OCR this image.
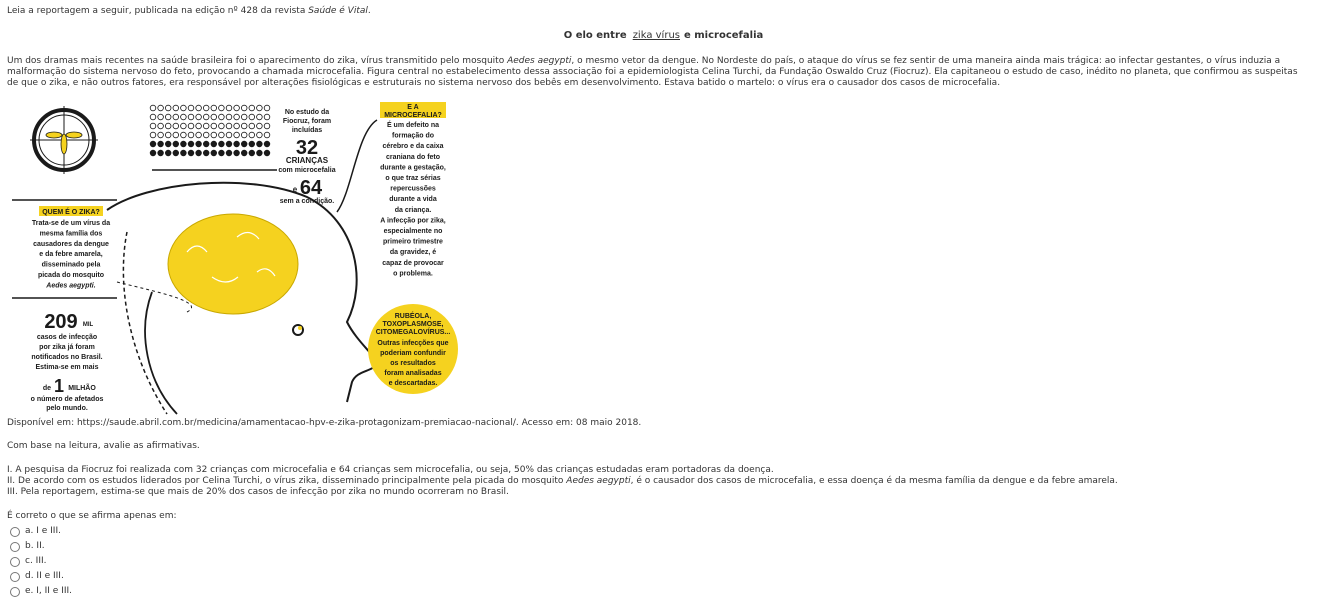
Leia a reportagem a seguir, publicada na edição nº 428 da revista Saúde é Vital.
O elo entre zika vírus e microcefalia
Um dos dramas mais recentes na saúde brasileira foi o aparecimento do zika, vírus transmitido pelo mosquito Aedes aegypti, o mesmo vetor da dengue. No Nordeste do país, o ataque do vírus se fez sentir de uma maneira ainda mais trágica: ao infectar gestantes, o vírus induzia a malformação do sistema nervoso do feto, provocando a chamada microcefalia. Figura central no estabelecimento dessa associação foi a epidemiologista Celina Turchi, da Fundação Oswaldo Cruz (Fiocruz). Ela capitaneou o estudo de caso, inédito no planeta, que confirmou as suspeitas de que o zika, e não outros fatores, era responsável por alterações fisiológicas e estruturais no sistema nervoso dos bebês em desenvolvimento. Estava batido o martelo: o vírus era o causador dos casos de microcefalia.
No estudo da
Fiocruz, foram
incluídas
32
CRIANÇAS
com microcefalia
e 64
sem a condição.
E A
MICROCEFALIA?
É um defeito na
formação do
cérebro e da caixa
craniana do feto
durante a gestação,
o que traz sérias
repercussões
durante a vida
da criança.
A infecção por zika,
especialmente no
primeiro trimestre
da gravidez, é
capaz de provocar
o problema.
QUEM É O ZIKA?
Trata-se de um vírus da
mesma família dos
causadores da dengue
e da febre amarela,
disseminado pela
picada do mosquito
Aedes aegypti.
209 MIL
casos de infecção
por zika já foram
notificados no Brasil.
Estima-se em mais
de 1 MILHÃO
o número de afetados
pelo mundo.
RUBÉOLA,
TOXOPLASMOSE,
CITOMEGALOVÍRUS...
Outras infecções que
poderiam confundir
os resultados
foram analisadas
e descartadas.
Disponível em: https://saude.abril.com.br/medicina/amamentacao-hpv-e-zika-protagonizam-premiacao-nacional/. Acesso em: 08 maio 2018.
Com base na leitura, avalie as afirmativas.
I. A pesquisa da Fiocruz foi realizada com 32 crianças com microcefalia e 64 crianças sem microcefalia, ou seja, 50% das crianças estudadas eram portadoras da doença.
II. De acordo com os estudos liderados por Celina Turchi, o vírus zika, disseminado principalmente pela picada do mosquito Aedes aegypti, é o causador dos casos de microcefalia, e essa doença é da mesma família da dengue e da febre amarela.
III. Pela reportagem, estima-se que mais de 20% dos casos de infecção por zika no mundo ocorreram no Brasil.
É correto o que se afirma apenas em:
a. I e III.
b. II.
c. III.
d. II e III.
e. I, II e III.
